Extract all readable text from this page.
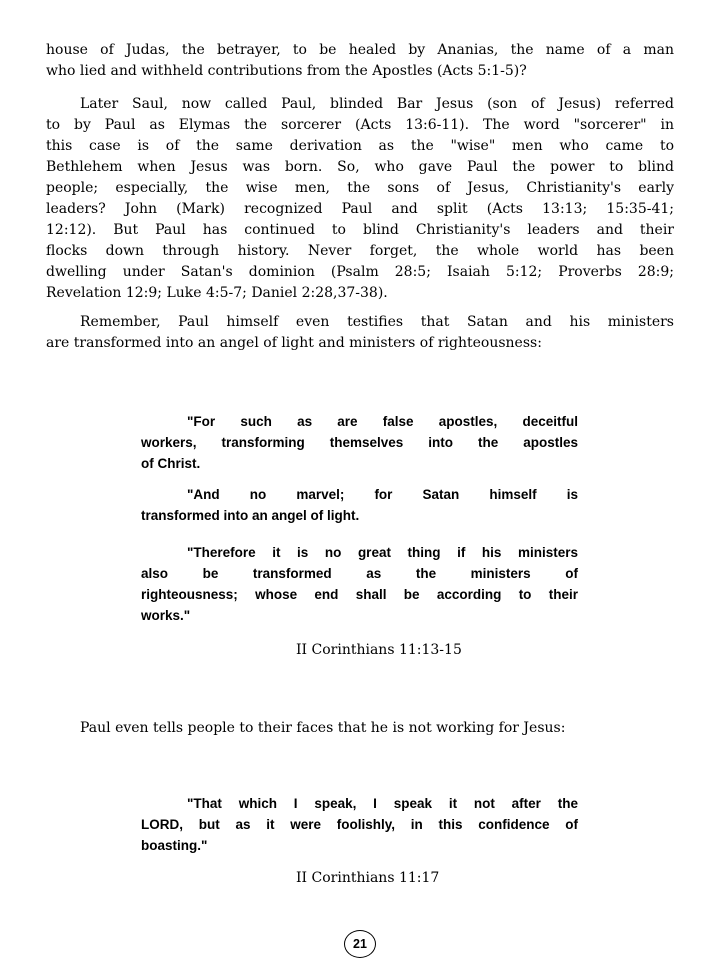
house of Judas, the betrayer, to be healed by Ananias, the name of a man
who lied and withheld contributions from the Apostles (Acts 5:1-5)?
Later Saul, now called Paul, blinded Bar Jesus (son of Jesus) referred
to by Paul as Elymas the sorcerer (Acts 13:6-11). The word "sorcerer" in
this case is of the same derivation as the "wise" men who came to
Bethlehem when Jesus was born. So, who gave Paul the power to blind
people; especially, the wise men, the sons of Jesus, Christianity's early
leaders? John (Mark) recognized Paul and split (Acts 13:13; 15:35-41;
12:12). But Paul has continued to blind Christianity's leaders and their
flocks down through history. Never forget, the whole world has been
dwelling under Satan's dominion (Psalm 28:5; Isaiah 5:12; Proverbs 28:9;
Revelation 12:9; Luke 4:5-7; Daniel 2:28,37-38).
Remember, Paul himself even testifies that Satan and his ministers
are transformed into an angel of light and ministers of righteousness:
"For such as are false apostles, deceitful
workers, transforming themselves into the apostles
of Christ.
"And no marvel; for Satan himself is
transformed into an angel of light.
"Therefore it is no great thing if his ministers
also be transformed as the ministers of
righteousness; whose end shall be according to their
works."
II Corinthians 11:13-15
Paul even tells people to their faces that he is not working for Jesus:
"That which I speak, I speak it not after the
LORD, but as it were foolishly, in this confidence of
boasting."
II Corinthians 11:17
21
